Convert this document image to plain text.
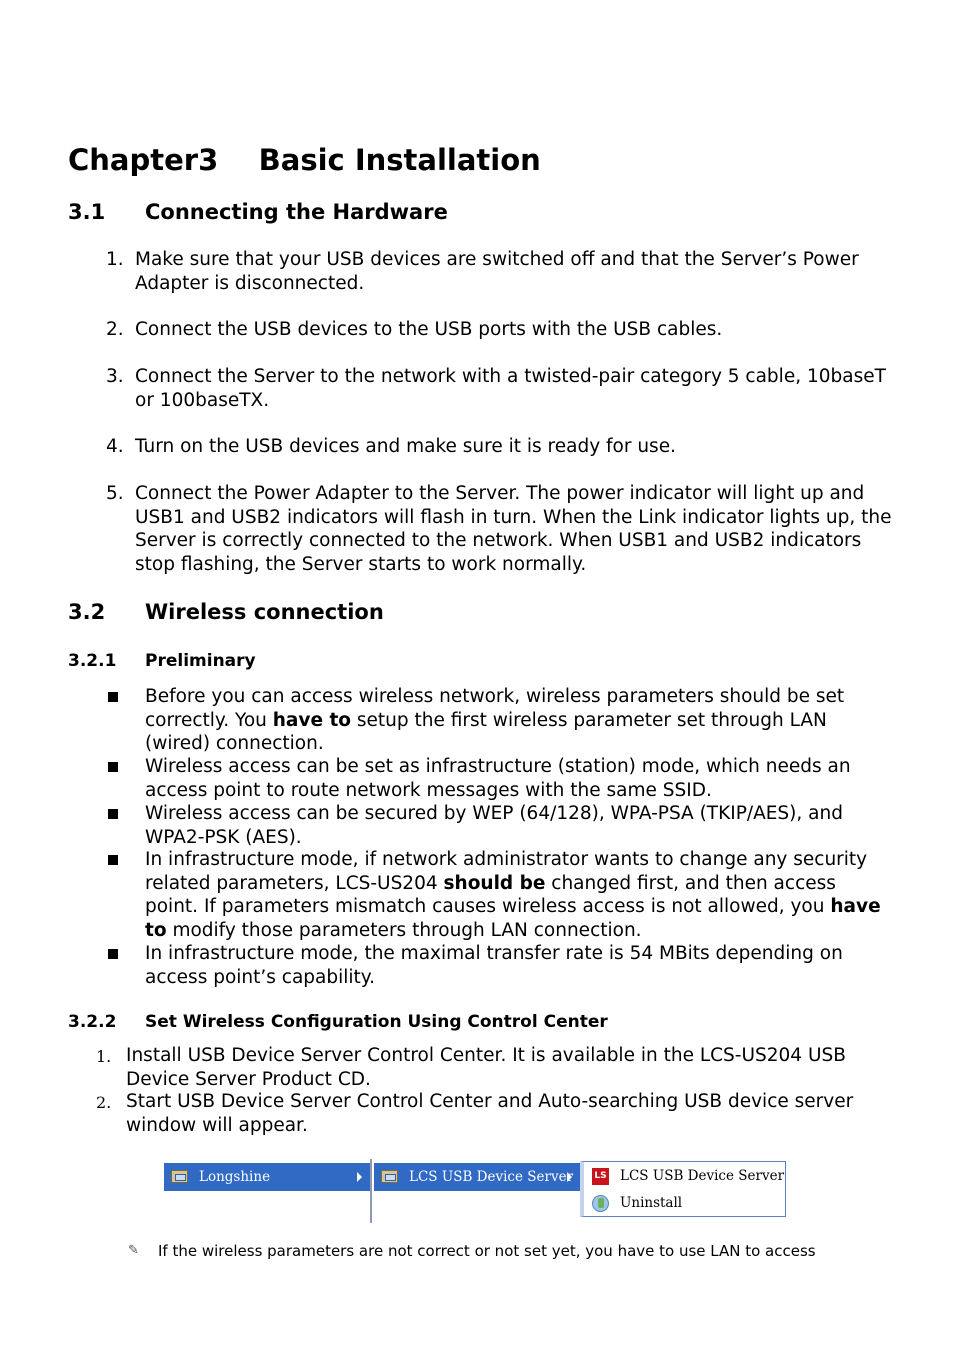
Chapter3 Basic Installation
3.1 Connecting the Hardware

1. Make sure that your USB devices are switched off and that the Server’s Power Adapter is disconnected.

2. Connect the USB devices to the USB ports with the USB cables.

3. Connect the Server to the network with a twisted-pair category 5 cable, 10baseT or 100baseTX.

4. Turn on the USB devices and make sure it is ready for use.

5. Connect the Power Adapter to the Server. The power indicator will light up and USB1 and USB2 indicators will flash in turn. When the Link indicator lights up, the Server is correctly connected to the network. When USB1 and USB2 indicators stop flashing, the Server starts to work normally.

3.2 Wireless connection
3.2.1 Preliminary

Before you can access wireless network, wireless parameters should be set correctly. You have to setup the first wireless parameter set through LAN (wired) connection.

Wireless access can be set as infrastructure (station) mode, which needs an access point to route network messages with the same SSID.

Wireless access can be secured by WEP (64/128), WPA-PSA (TKIP/AES), and WPA2-PSK (AES).

In infrastructure mode, if network administrator wants to change any security related parameters, LCS-US204 should be changed first, and then access point. If parameters mismatch causes wireless access is not allowed, you have to modify those parameters through LAN connection.

In infrastructure mode, the maximal transfer rate is 54 MBits depending on access point’s capability.

3.2.2 Set Wireless Configuration Using Control Center

1. Install USB Device Server Control Center. It is available in the LCS-US204 USB Device Server Product CD.

2. Start USB Device Server Control Center and Auto-searching USB device server window will appear.

Longshine	LCS USB Device Server LS LCS USB Device Server
Uninstall

✎	If the wireless parameters are not correct or not set yet, you have to use LAN to access
